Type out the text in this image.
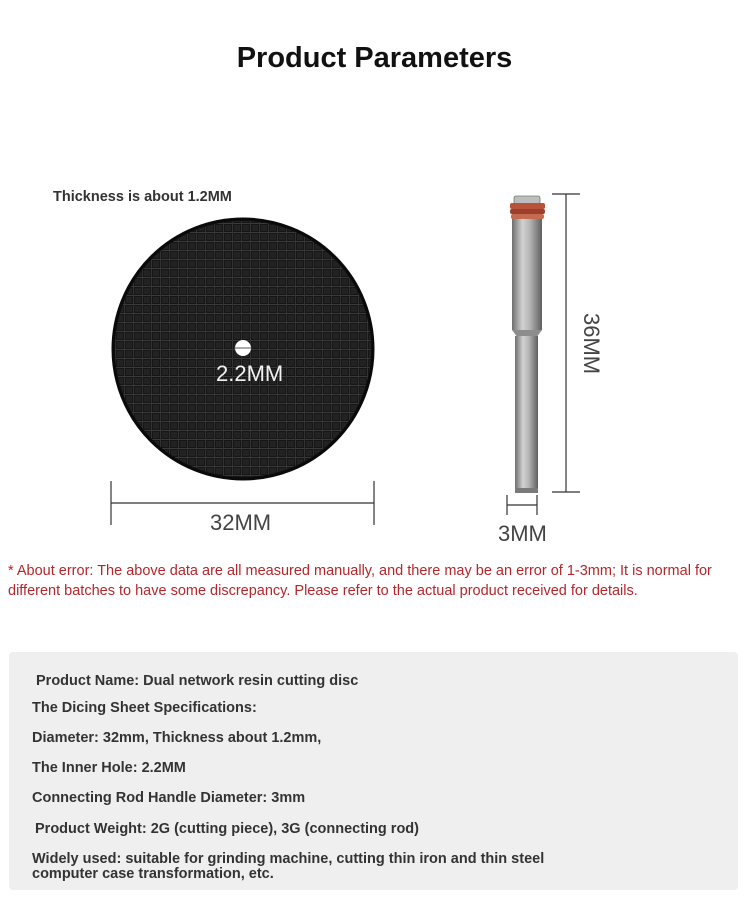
Product Parameters
Thickness is about 1.2MM
2.2MM
32MM	3MM
36MM
* About error: The above data are all measured manually, and there may be an error of 1-3mm; It is normal for different batches to have some discrepancy. Please refer to the actual product received for details.
Product Name: Dual network resin cutting disc
The Dicing Sheet Specifications:
Diameter: 32mm, Thickness about 1.2mm,
The Inner Hole: 2.2MM
Connecting Rod Handle Diameter: 3mm
Product Weight: 2G (cutting piece), 3G (connecting rod)
Widely used: suitable for grinding machine, cutting thin iron and thin steel
computer case transformation, etc.
